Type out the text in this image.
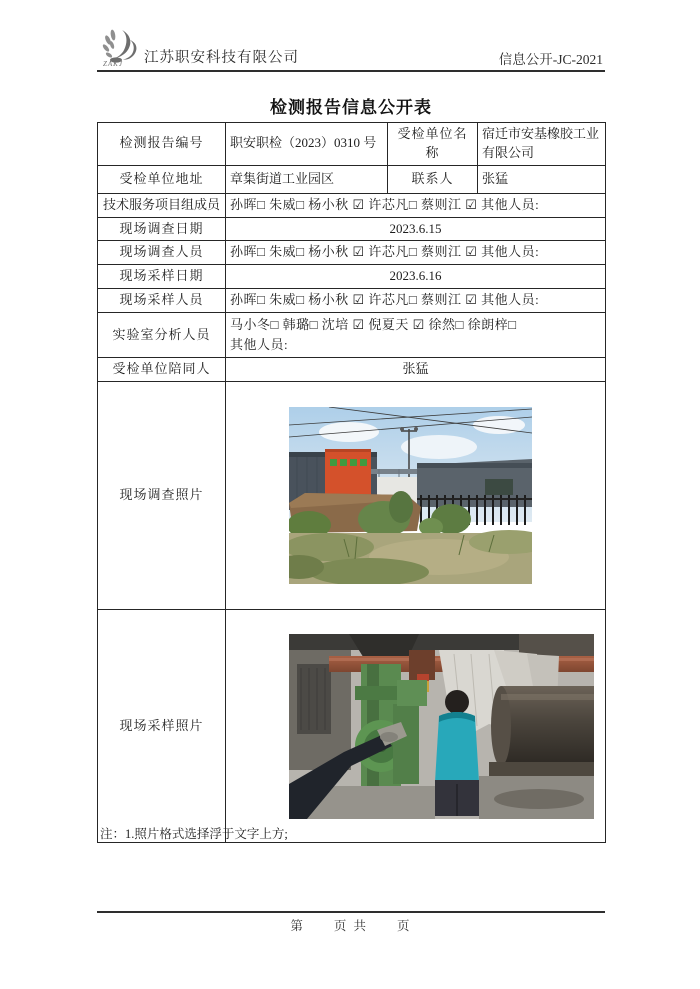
ZAKJ 江苏职安科技有限公司	信息公开-JC-2021
检测报告信息公开表
检测报告编号	职安职检（2023）0310 号	受检单位名称	宿迁市安基橡胶工业有限公司
受检单位地址	章集街道工业园区	联系人	张猛
技术服务项目组成员	孙晖□ 朱威□ 杨小秋 ☑ 许芯凡□ 蔡则江 ☑ 其他人员:		
现场调查日期	2023.6.15		
现场调查人员	孙晖□ 朱威□ 杨小秋 ☑ 许芯凡□ 蔡则江 ☑ 其他人员:		
现场采样日期	2023.6.16		
现场采样人员	孙晖□ 朱威□ 杨小秋 ☑ 许芯凡□ 蔡则江 ☑ 其他人员:		
实验室分析人员	马小冬□ 韩璐□ 沈培 ☑ 倪夏天 ☑ 徐然□ 徐朗梓□
其他人员:		

受检单位陪同人	张猛		
现场调查照片	
现场采样照片	
注：1.照片格式选择浮于文字上方;
第　　页 共　　页
